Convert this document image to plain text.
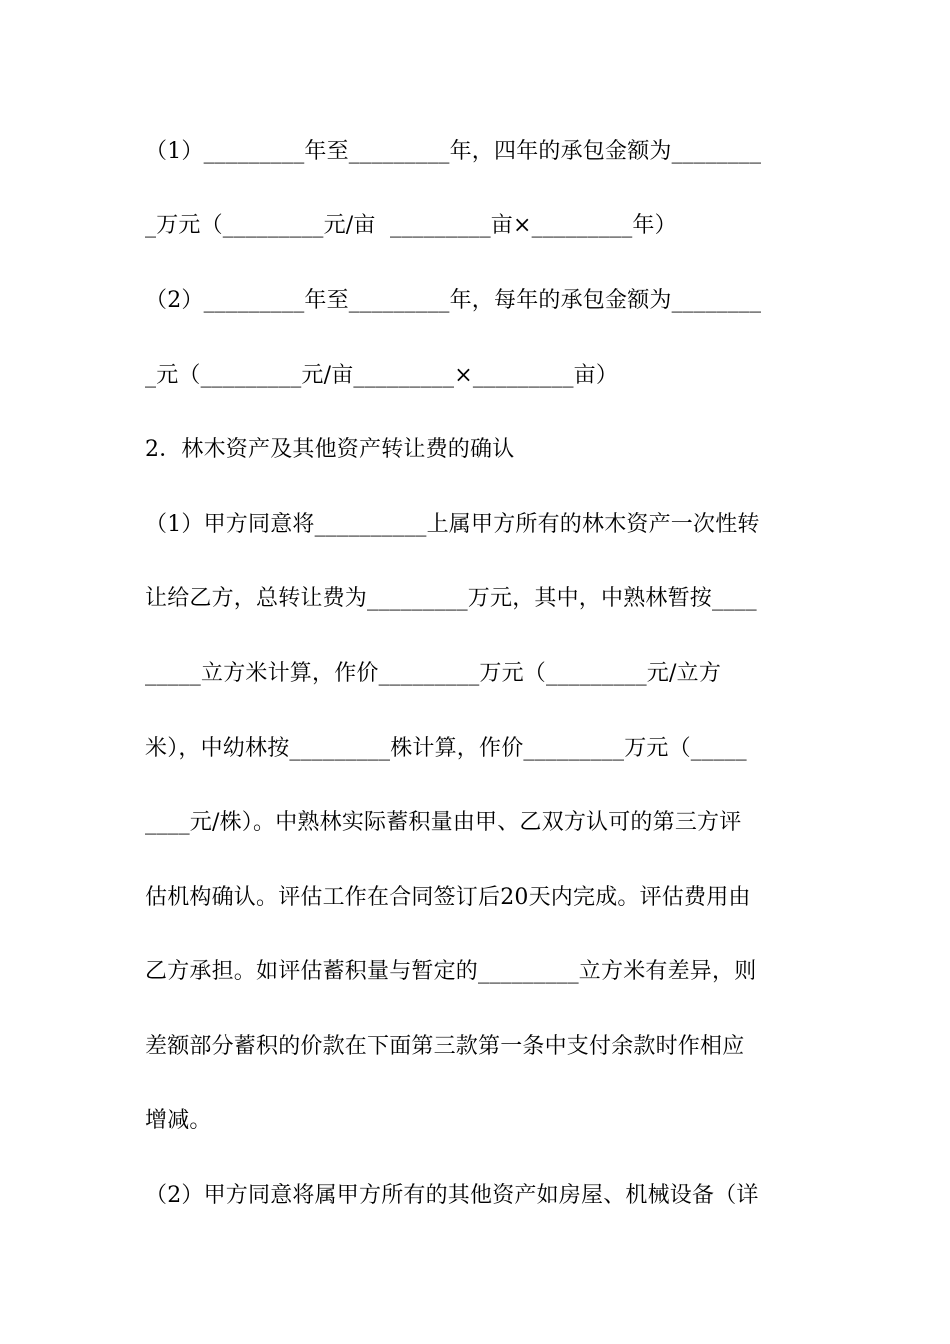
（1）_________年至_________年，四年的承包金额为________
_万元（_________元/亩  _________亩×_________年）
（2）_________年至_________年，每年的承包金额为________
_元（_________元/亩_________×_________亩）
2．林木资产及其他资产转让费的确认
（1）甲方同意将__________上属甲方所有的林木资产一次性转
让给乙方，总转让费为_________万元，其中，中熟林暂按____
_____立方米计算，作价_________万元（_________元/立方
米），中幼林按_________株计算，作价_________万元（_____
____元/株）。中熟林实际蓄积量由甲、乙双方认可的第三方评
估机构确认。评估工作在合同签订后20天内完成。评估费用由
乙方承担。如评估蓄积量与暂定的_________立方米有差异，则
差额部分蓄积的价款在下面第三款第一条中支付余款时作相应
增减。
（2）甲方同意将属甲方所有的其他资产如房屋、机械设备（详
